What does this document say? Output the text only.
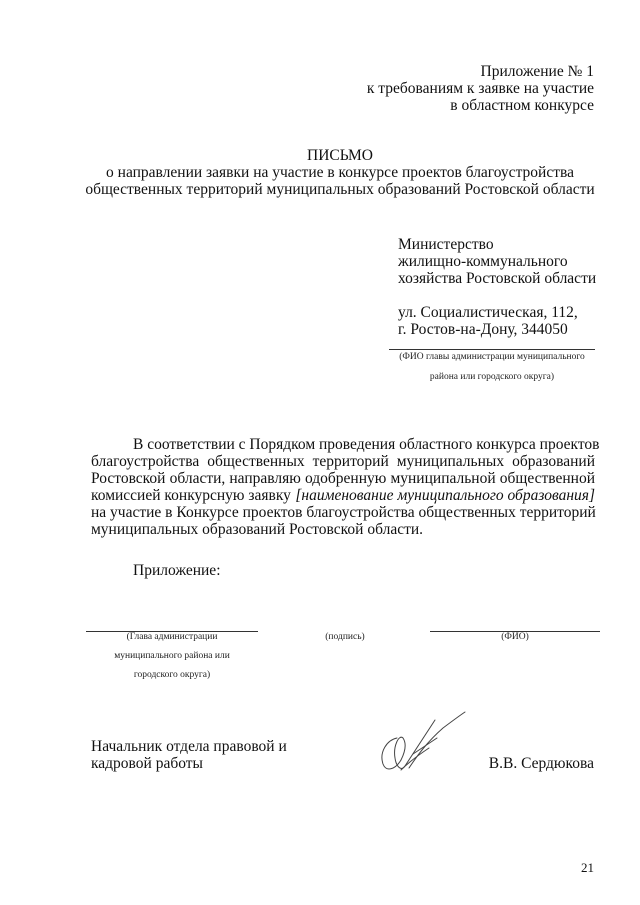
Приложение № 1
к требованиям к заявке на участие
в областном конкурсе
ПИСЬМО
о направлении заявки на участие в конкурсе проектов благоустройства
общественных территорий муниципальных образований Ростовской области
Министерство
жилищно-коммунального
хозяйства Ростовской области
ул. Социалистическая, 112,
г. Ростов-на-Дону, 344050
(ФИО главы администрации муниципального
района или городского округа)
В соответствии с Порядком проведения областного конкурса проектов
благоустройства общественных территорий муниципальных образований
Ростовской области, направляю одобренную муниципальной общественной
комиссией конкурсную заявку [наименование муниципального образования]
на участие в Конкурсе проектов благоустройства общественных территорий
муниципальных образований Ростовской области.
Приложение:
(Глава администрации
муниципального района или
городского округа)
(подпись)	(ФИО)
Начальник отдела правовой и
кадровой работы	В.В. Сердюкова
21
